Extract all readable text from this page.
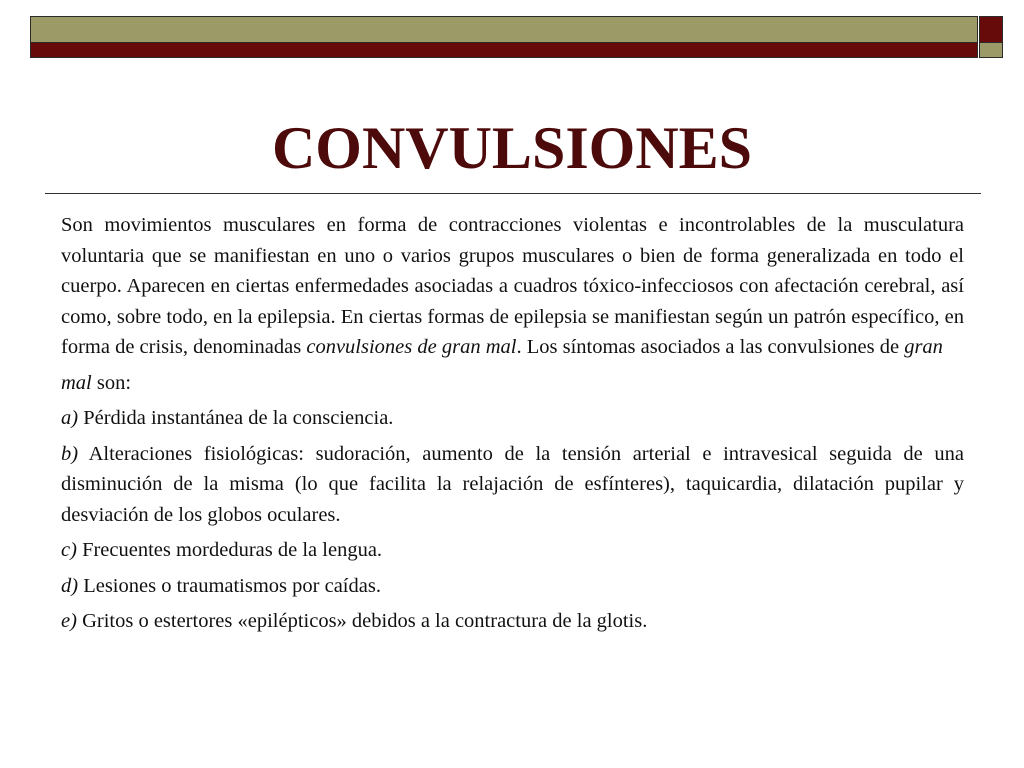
CONVULSIONES

Son movimientos musculares en forma de contracciones violentas e incontrolables de la musculatura voluntaria que se manifiestan en uno o varios grupos musculares o bien de forma generalizada en todo el cuerpo. Aparecen en ciertas enfermedades asociadas a cuadros tóxico-infecciosos con afectación cerebral, así como, sobre todo, en la epilepsia. En ciertas formas de epilepsia se manifiestan según un patrón específico, en forma de crisis, denominadas convulsiones de gran mal. Los síntomas asociados a las convulsiones de gran

mal son:

a) Pérdida instantánea de la consciencia.

b) Alteraciones fisiológicas: sudoración, aumento de la tensión arterial e intravesical seguida de una disminución de la misma (lo que facilita la relajación de esfínteres), taquicardia, dilatación pupilar y desviación de los globos oculares.

c) Frecuentes mordeduras de la lengua.

d) Lesiones o traumatismos por caídas.

e) Gritos o estertores «epilépticos» debidos a la contractura de la glotis.
